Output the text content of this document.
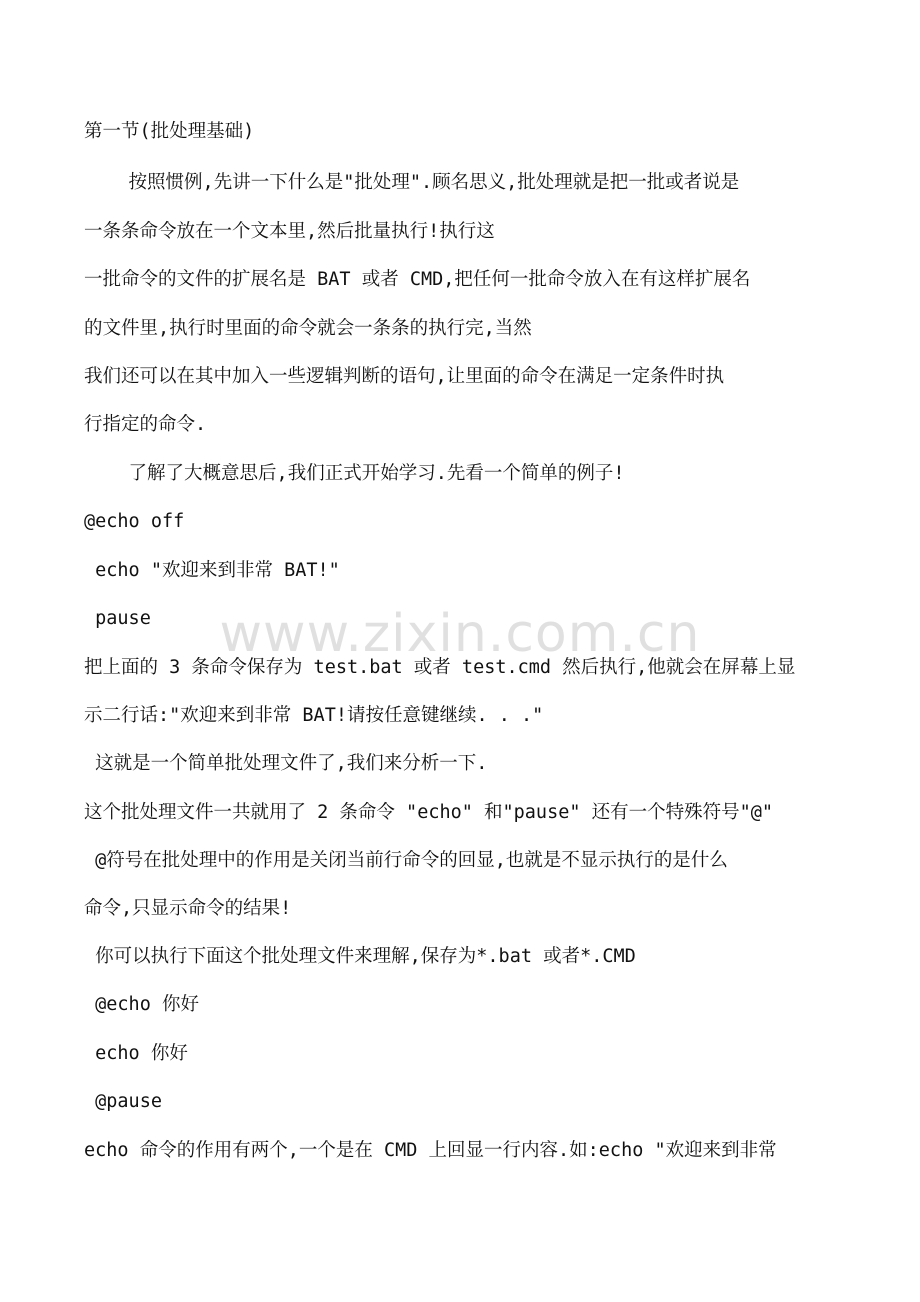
www.zixin.com.cn
第一节(批处理基础)
按照惯例,先讲一下什么是"批处理".顾名思义,批处理就是把一批或者说是
一条条命令放在一个文本里,然后批量执行!执行这
一批命令的文件的扩展名是 BAT 或者 CMD,把任何一批命令放入在有这样扩展名
的文件里,执行时里面的命令就会一条条的执行完,当然
我们还可以在其中加入一些逻辑判断的语句,让里面的命令在满足一定条件时执
行指定的命令.
了解了大概意思后,我们正式开始学习.先看一个简单的例子!
@echo off
echo "欢迎来到非常 BAT!"
pause
把上面的 3 条命令保存为 test.bat 或者 test.cmd 然后执行,他就会在屏幕上显
示二行话:"欢迎来到非常 BAT!请按任意键继续. . ."
这就是一个简单批处理文件了,我们来分析一下.
这个批处理文件一共就用了 2 条命令 "echo" 和"pause" 还有一个特殊符号"@"
@符号在批处理中的作用是关闭当前行命令的回显,也就是不显示执行的是什么
命令,只显示命令的结果!
你可以执行下面这个批处理文件来理解,保存为*.bat 或者*.CMD
@echo 你好
echo 你好
@pause
echo 命令的作用有两个,一个是在 CMD 上回显一行内容.如:echo "欢迎来到非常
